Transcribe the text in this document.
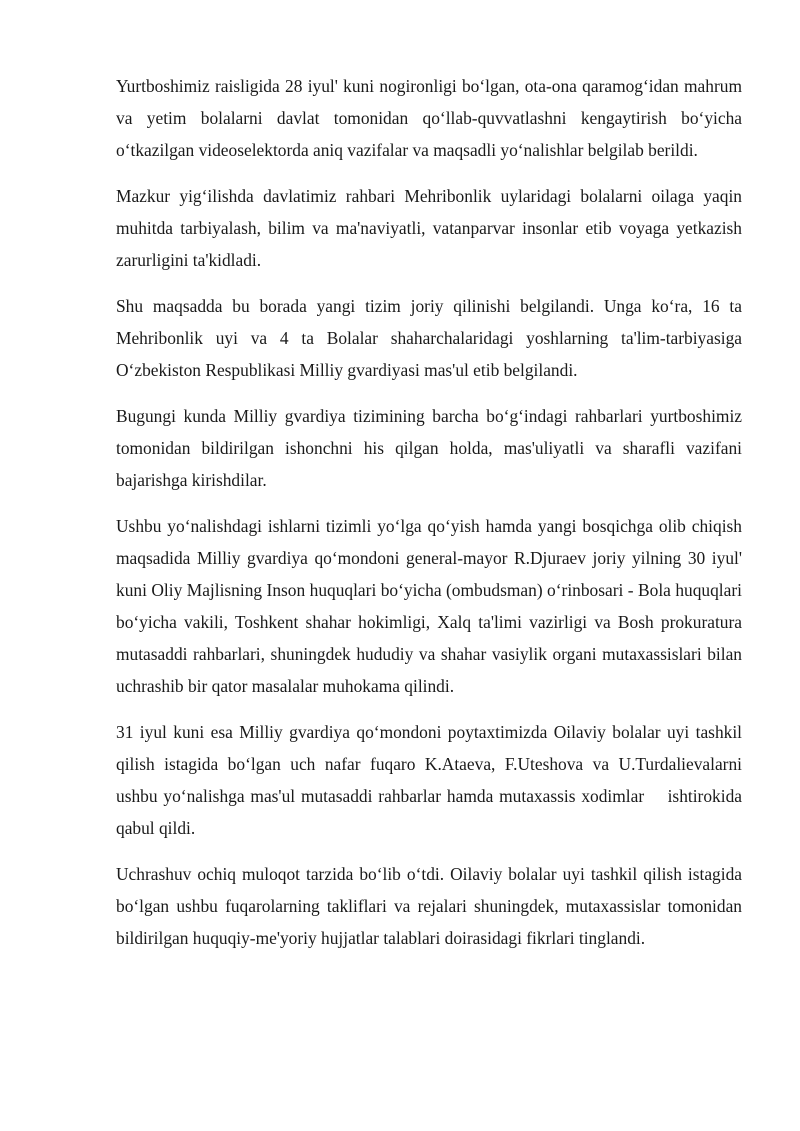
Yurtboshimiz raisligida 28 iyul' kuni nogironligi bo‘lgan, ota-ona qaramog‘idan mahrum va yetim bolalarni davlat tomonidan qo‘llab-quvvatlashni kengaytirish bo‘yicha o‘tkazilgan videoselektorda aniq vazifalar va maqsadli yo‘nalishlar belgilab berildi.

Mazkur yig‘ilishda davlatimiz rahbari Mehribonlik uylaridagi bolalarni oilaga yaqin muhitda tarbiyalash, bilim va ma'naviyatli, vatanparvar insonlar etib voyaga yetkazish zarurligini ta'kidladi.

Shu maqsadda bu borada yangi tizim joriy qilinishi belgilandi. Unga ko‘ra, 16 ta Mehribonlik uyi va 4 ta Bolalar shaharchalaridagi yoshlarning ta'lim-tarbiyasiga O‘zbekiston Respublikasi Milliy gvardiyasi mas'ul etib belgilandi.

Bugungi kunda Milliy gvardiya tizimining barcha bo‘g‘indagi rahbarlari yurtboshimiz tomonidan bildirilgan ishonchni his qilgan holda, mas'uliyatli va sharafli vazifani bajarishga kirishdilar.

Ushbu yo‘nalishdagi ishlarni tizimli yo‘lga qo‘yish hamda yangi bosqichga olib chiqish maqsadida Milliy gvardiya qo‘mondoni general-mayor R.Djuraev joriy yilning 30 iyul' kuni Oliy Majlisning Inson huquqlari bo‘yicha (ombudsman) o‘rinbosari - Bola huquqlari bo‘yicha vakili, Toshkent shahar hokimligi, Xalq ta'limi vazirligi va Bosh prokuratura mutasaddi rahbarlari, shuningdek hududiy va shahar vasiylik organi mutaxassislari bilan uchrashib bir qator masalalar muhokama qilindi.

31 iyul kuni esa Milliy gvardiya qo‘mondoni poytaxtimizda Oilaviy bolalar uyi tashkil qilish istagida bo‘lgan uch nafar fuqaro K.Ataeva, F.Uteshova va U.Turdalievalarni  ushbu yo‘nalishga mas'ul mutasaddi rahbarlar hamda mutaxassis xodimlar    ishtirokida qabul qildi.

Uchrashuv ochiq muloqot tarzida bo‘lib o‘tdi. Oilaviy bolalar uyi tashkil qilish istagida bo‘lgan ushbu fuqarolarning takliflari va rejalari shuningdek, mutaxassislar tomonidan bildirilgan huquqiy-me'yoriy hujjatlar talablari doirasidagi fikrlari tinglandi.
